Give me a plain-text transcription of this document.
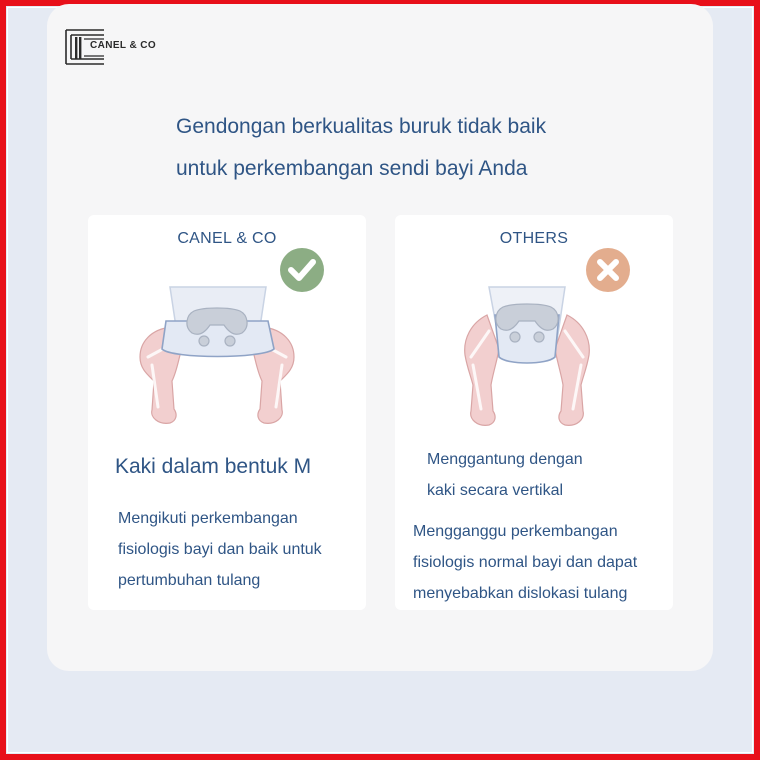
CANEL & CO
Gendongan berkualitas buruk tidak baik
untuk perkembangan sendi bayi Anda
CANEL & CO
Kaki dalam bentuk M
Mengikuti perkembangan
fisiologis bayi dan baik untuk
pertumbuhan tulang
OTHERS
Menggantung dengan
kaki secara vertikal
Mengganggu perkembangan
fisiologis normal bayi dan dapat
menyebabkan dislokasi tulang
